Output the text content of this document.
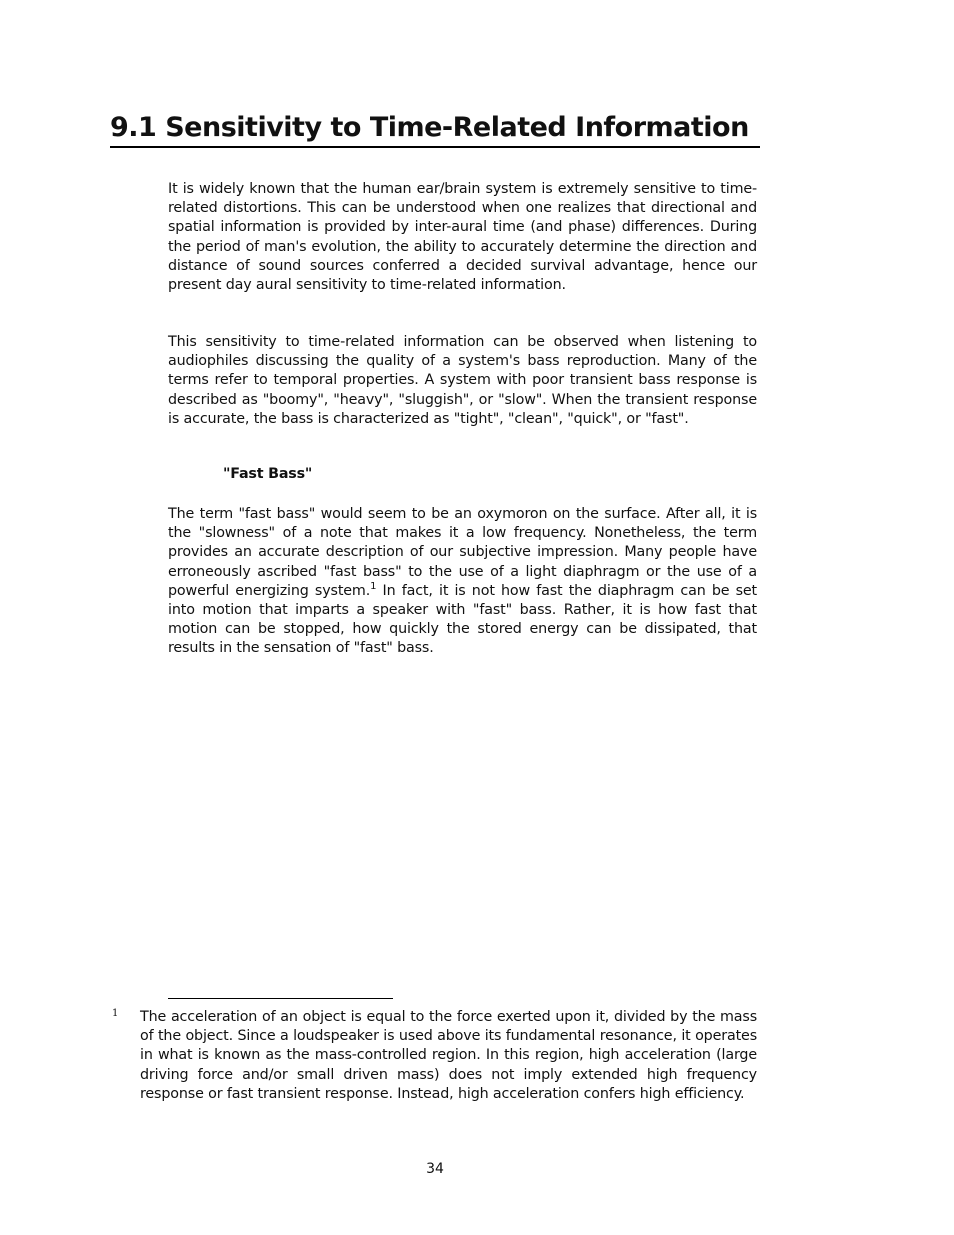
9.1 Sensitivity to Time-Related Information

It is widely known that the human ear/brain system is extremely sensitive to time-related distortions. This can be understood when one realizes that directional and spatial information is provided by inter-aural time (and phase) differences. During the period of man's evolution, the ability to accurately determine the direction and distance of sound sources conferred a decided survival advantage, hence our present day aural sensitivity to time-related information.

This sensitivity to time-related information can be observed when listening to audiophiles discussing the quality of a system's bass reproduction. Many of the terms refer to temporal properties. A system with poor transient bass response is described as "boomy", "heavy", "sluggish", or "slow". When the transient response is accurate, the bass is characterized as "tight", "clean", "quick", or "fast".

"Fast Bass"

The term "fast bass" would seem to be an oxymoron on the surface. After all, it is the "slowness" of a note that makes it a low frequency. Nonetheless, the term provides an accurate description of our subjective impression. Many people have erroneously ascribed "fast bass" to the use of a light diaphragm or the use of a powerful energizing system.$^1$ In fact, it is not how fast the diaphragm can be set into motion that imparts a speaker with "fast" bass. Rather, it is how fast that motion can be stopped, how quickly the stored energy can be dissipated, that results in the sensation of "fast" bass.

1 The acceleration of an object is equal to the force exerted upon it, divided by the mass of the object. Since a loudspeaker is used above its fundamental resonance, it operates in what is known as the mass-controlled region. In this region, high acceleration (large driving force and/or small driven mass) does not imply extended high frequency response or fast transient response. Instead, high acceleration confers high efficiency.

34
